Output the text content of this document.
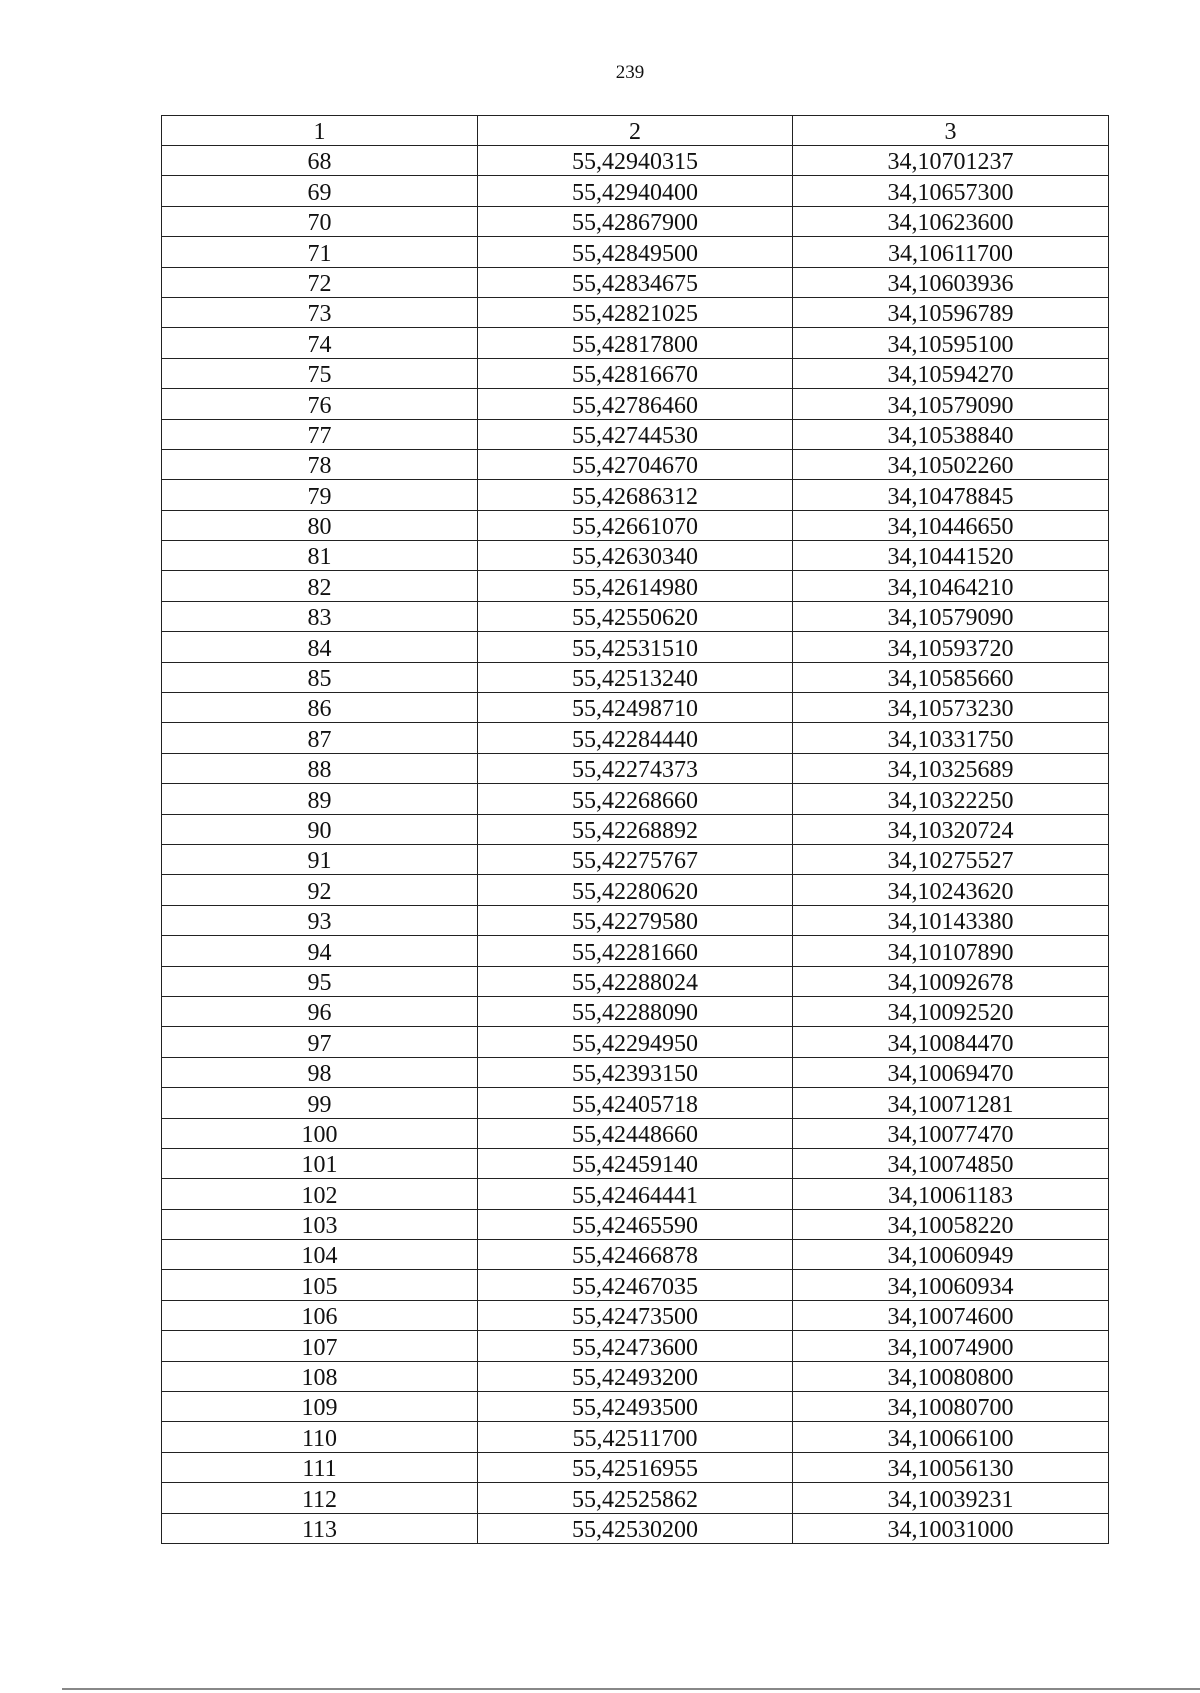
239
1	2	3
68	55,42940315	34,10701237
69	55,42940400	34,10657300
70	55,42867900	34,10623600
71	55,42849500	34,10611700
72	55,42834675	34,10603936
73	55,42821025	34,10596789
74	55,42817800	34,10595100
75	55,42816670	34,10594270
76	55,42786460	34,10579090
77	55,42744530	34,10538840
78	55,42704670	34,10502260
79	55,42686312	34,10478845
80	55,42661070	34,10446650
81	55,42630340	34,10441520
82	55,42614980	34,10464210
83	55,42550620	34,10579090
84	55,42531510	34,10593720
85	55,42513240	34,10585660
86	55,42498710	34,10573230
87	55,42284440	34,10331750
88	55,42274373	34,10325689
89	55,42268660	34,10322250
90	55,42268892	34,10320724
91	55,42275767	34,10275527
92	55,42280620	34,10243620
93	55,42279580	34,10143380
94	55,42281660	34,10107890
95	55,42288024	34,10092678
96	55,42288090	34,10092520
97	55,42294950	34,10084470
98	55,42393150	34,10069470
99	55,42405718	34,10071281
100	55,42448660	34,10077470
101	55,42459140	34,10074850
102	55,42464441	34,10061183
103	55,42465590	34,10058220
104	55,42466878	34,10060949
105	55,42467035	34,10060934
106	55,42473500	34,10074600
107	55,42473600	34,10074900
108	55,42493200	34,10080800
109	55,42493500	34,10080700
110	55,42511700	34,10066100
111	55,42516955	34,10056130
112	55,42525862	34,10039231
113	55,42530200	34,10031000
